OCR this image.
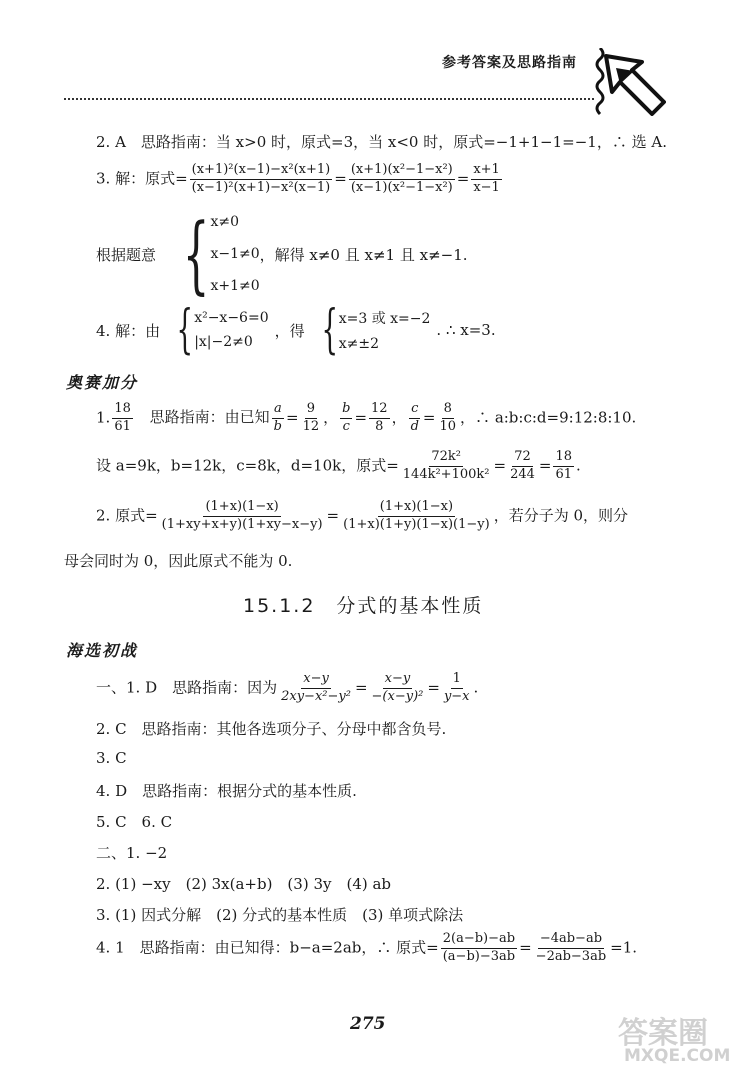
参考答案及思路指南
2. A　思路指南：当 x>0 时，原式=3，当 x<0 时，原式=−1+1−1=−1，∴ 选 A.
3. 解：原式= $\frac{\text{(x+1)²(x−1)−x²(x+1)}}{\text{(x−1)²(x+1)−x²(x−1)}} = \frac{\text{(x+1)(x²−1−x²)}}{\text{(x−1)(x²−1−x²)}} = \frac{x+1}{x-1}$
根据题意 { x≠0
x−1≠0
x+1≠0
，解得 x≠0 且 x≠1 且 x≠−1.
4. 解：由 { x²−x−6=0
|x|−2≠0
，得 { x=3 或 x=−2
x≠±2
. ∴ x=3.
奥赛加分
1. $\frac{18}{61}$ 思路指南：由已知 $\frac{a}{b} = \frac{9}{12}$ ， $\frac{b}{c} = \frac{12}{8}$ ， $\frac{c}{d} = \frac{8}{10}$ ，∴ a:b:c:d=9:12:8:10.
设 a=9k，b=12k，c=8k，d=10k，原式= $\frac{\text{72k²}}{\text{144k²+100k²}} = \frac{72}{244} = \frac{18}{61}$ .
2. 原式= $\frac{(1+x)(1-x)}{(1+xy+x+y)(1+xy-x-y)} = \frac{(1+x)(1-x)}{(1+x)(1+y)(1-x)(1-y)}$ ，若分子为 0，则分
母会同时为 0，因此原式不能为 0.
15.1.2　分式的基本性质
海选初战
一、1. D　思路指南：因为 $\frac{x-y}{\text{2xy−x²−y²}} = \frac{x-y}{\text{−(x−y)²}} = \frac{1}{y-x}$ .
2. C　思路指南：其他各选项分子、分母中都含负号.
3. C
4. D　思路指南：根据分式的基本性质.
5. C　6. C
二、1. −2
2. (1) −xy　(2) 3x(a+b)　(3) 3y　(4) ab
3. (1) 因式分解　(2) 分式的基本性质　(3) 单项式除法
4. 1　思路指南：由已知得：b−a=2ab，∴ 原式= $\frac{2(a-b)-ab}{(a-b)-3ab} = \frac{-4ab-ab}{-2ab-3ab} =1$.
275	答案圈
MXQE.COM
